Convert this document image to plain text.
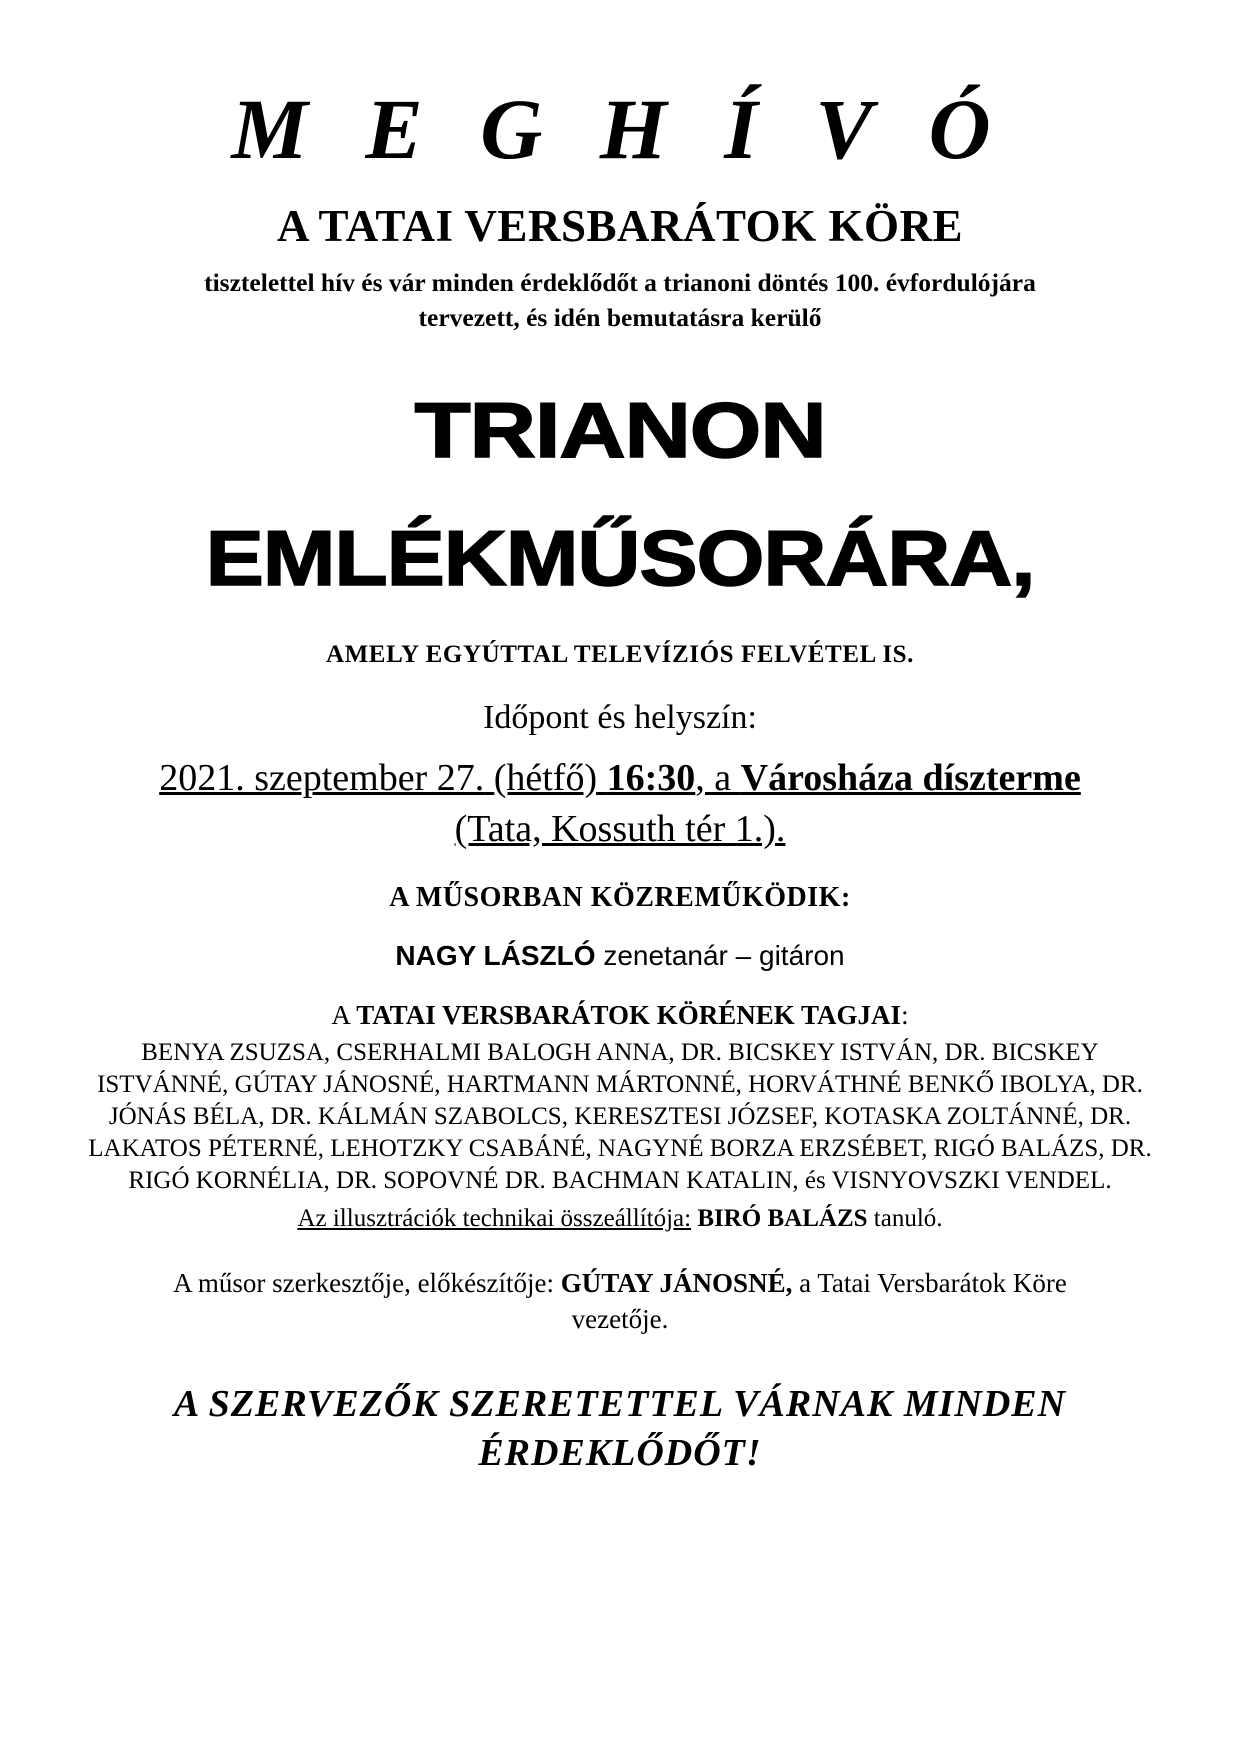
M E G H Í V Ó
A TATAI VERSBARÁTOK KÖRE
tisztelettel hív és vár minden érdeklődőt a trianoni döntés 100. évfordulójára
tervezett, és idén bemutatásra kerülő
TRIANON
EMLÉKMŰSORÁRA,
AMELY EGYÚTTAL TELEVÍZIÓS FELVÉTEL IS.
Időpont és helyszín:
2021. szeptember 27. (hétfő) 16:30, a Városháza díszterme (Tata, Kossuth tér 1.).
A MŰSORBAN KÖZREMŰKÖDIK:
NAGY LÁSZLÓ zenetanár – gitáron
A TATAI VERSBARÁTOK KÖRÉNEK TAGJAI:
BENYA ZSUZSA, CSERHALMI BALOGH ANNA, DR. BICSKEY ISTVÁN, DR. BICSKEY ISTVÁNNÉ, GÚTAY JÁNOSNÉ, HARTMANN MÁRTONNÉ, HORVÁTHNÉ BENKŐ IBOLYA, DR. JÓNÁS BÉLA, DR. KÁLMÁN SZABOLCS, KERESZTESI JÓZSEF, KOTASKA ZOLTÁNNÉ, DR. LAKATOS PÉTERNÉ, LEHOTZKY CSABÁNÉ, NAGYNÉ BORZA ERZSÉBET, RIGÓ BALÁZS, DR. RIGÓ KORNÉLIA, DR. SOPOVNÉ DR. BACHMAN KATALIN, és VISNYOVSZKI VENDEL.
Az illusztrációk technikai összeállítója: BIRÓ BALÁZS tanuló.
A műsor szerkesztője, előkészítője: GÚTAY JÁNOSNÉ, a Tatai Versbarátok Köre vezetője.
A SZERVEZŐK SZERETETTEL VÁRNAK MINDEN ÉRDEKLŐDŐT!
